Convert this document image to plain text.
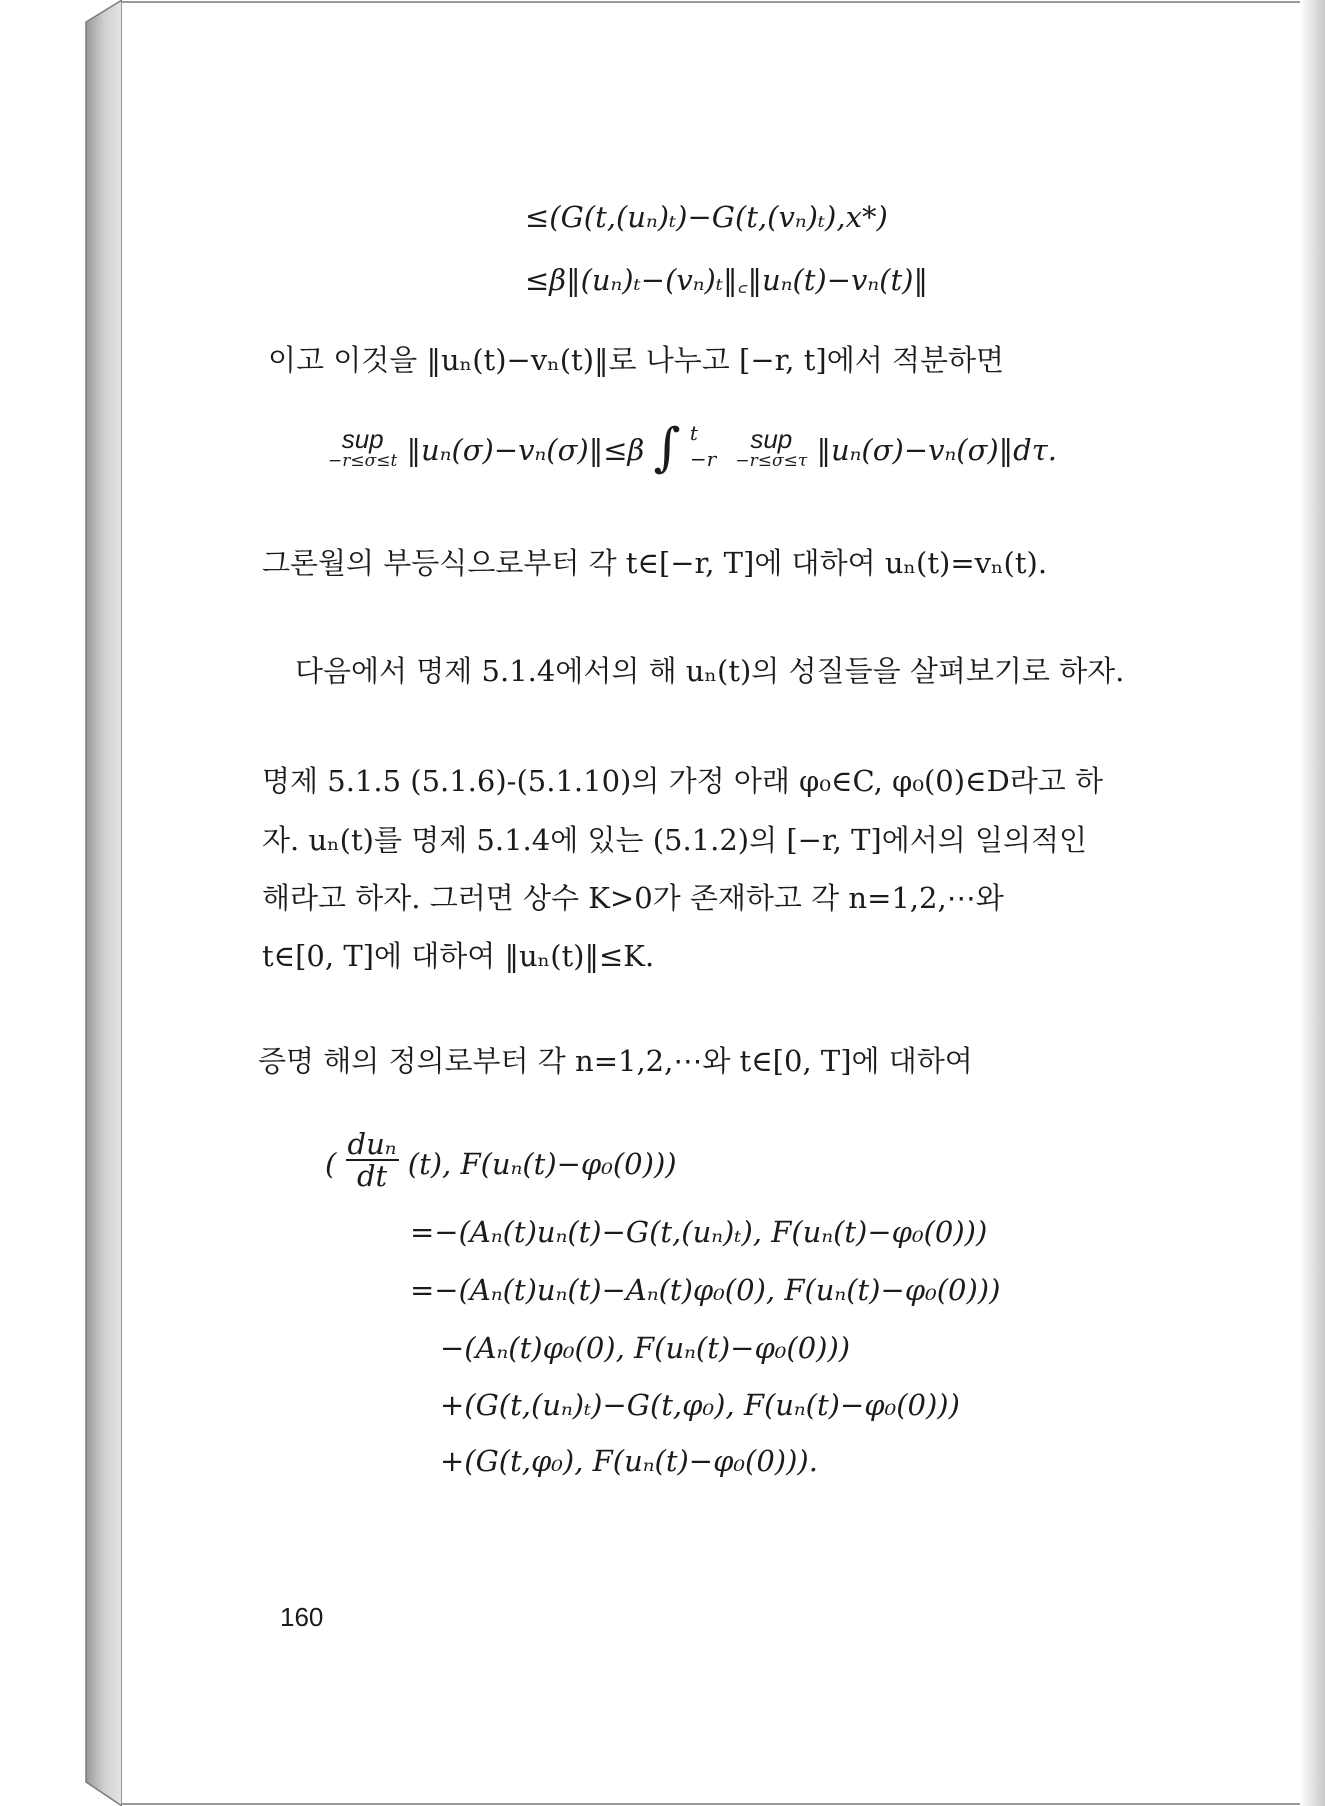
≤(G(t,(uₙ)ₜ)−G(t,(vₙ)ₜ),x*)
≤β‖(uₙ)ₜ−(vₙ)ₜ‖꜀‖uₙ(t)−vₙ(t)‖
이고 이것을 ‖uₙ(t)−vₙ(t)‖로 나누고 [−r, t]에서 적분하면
sup
−r≤σ≤t ‖uₙ(σ)−vₙ(σ)‖≤β ∫ t
−r

sup
−r≤σ≤τ ‖uₙ(σ)−vₙ(σ)‖dτ.
그론월의 부등식으로부터 각 t∈[−r, T]에 대하여 uₙ(t)=vₙ(t).
다음에서 명제 5.1.4에서의 해 uₙ(t)의 성질들을 살펴보기로 하자.
명제 5.1.5 (5.1.6)-(5.1.10)의 가정 아래 φ₀∈C, φ₀(0)∈D라고 하
자. uₙ(t)를 명제 5.1.4에 있는 (5.1.2)의 [−r, T]에서의 일의적인
해라고 하자. 그러면 상수 K>0가 존재하고 각 n=1,2,⋯와
t∈[0, T]에 대하여 ‖uₙ(t)‖≤K.
증명 해의 정의로부터 각 n=1,2,⋯와 t∈[0, T]에 대하여
( $\frac{\text{duₙ}}{dt} (t)$, F(uₙ(t)−φ₀(0)))
=−(Aₙ(t)uₙ(t)−G(t,(uₙ)ₜ), F(uₙ(t)−φ₀(0)))
=−(Aₙ(t)uₙ(t)−Aₙ(t)φ₀(0), F(uₙ(t)−φ₀(0)))
−(Aₙ(t)φ₀(0), F(uₙ(t)−φ₀(0)))
+(G(t,(uₙ)ₜ)−G(t,φ₀), F(uₙ(t)−φ₀(0)))
+(G(t,φ₀), F(uₙ(t)−φ₀(0))).
160
